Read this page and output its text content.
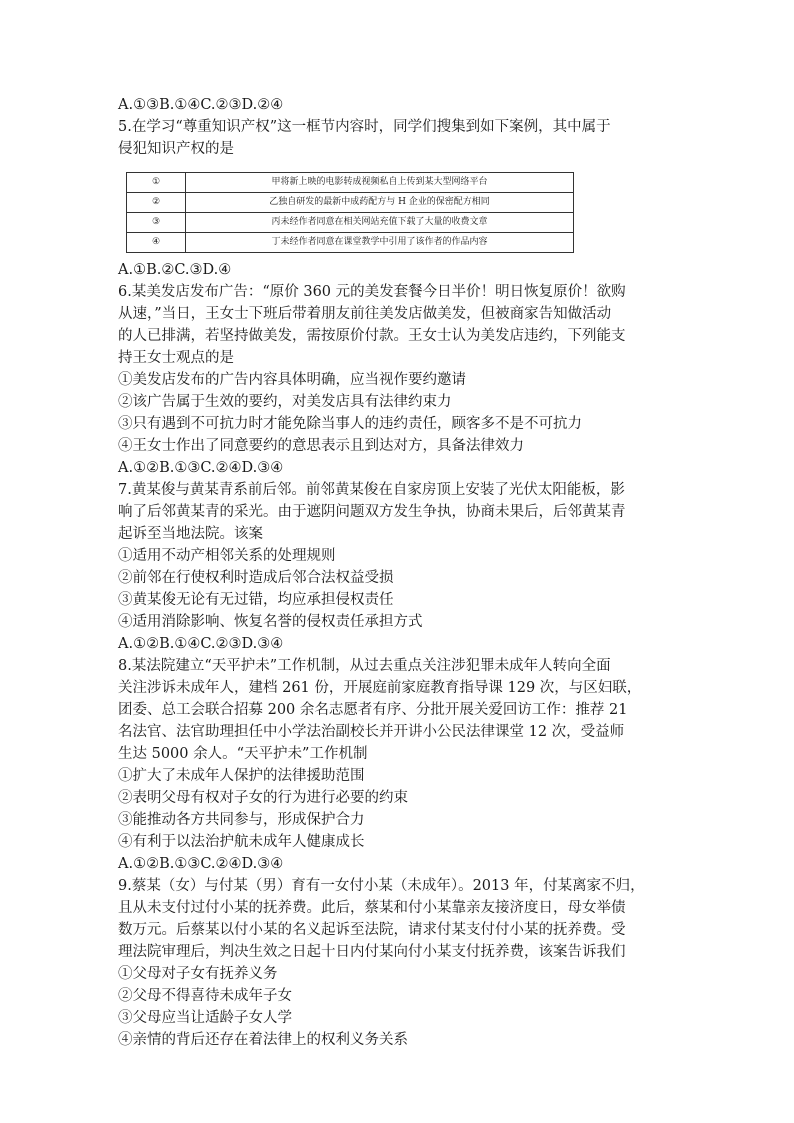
A.①③B.①④C.②③D.②④
5.在学习“尊重知识产权”这一框节内容时，同学们搜集到如下案例，其中属于
侵犯知识产权的是
①	甲将新上映的电影转成视频私自上传到某大型网络平台
②	乙独自研发的最新中成药配方与 H 企业的保密配方相同
③	丙未经作者同意在相关网站充值下载了大量的收费文章
④	丁未经作者同意在课堂教学中引用了该作者的作品内容
A.①B.②C.③D.④
6.某美发店发布广告：“原价 360 元的美发套餐今日半价！明日恢复原价！欲购
从速，”当日，王女士下班后带着朋友前往美发店做美发，但被商家告知做活动
的人已排满，若坚持做美发，需按原价付款。王女士认为美发店违约，下列能支
持王女士观点的是
①美发店发布的广告内容具体明确，应当视作要约邀请
②该广告属于生效的要约，对美发店具有法律约束力
③只有遇到不可抗力时才能免除当事人的违约责任，顾客多不是不可抗力
④王女士作出了同意要约的意思表示且到达对方，具备法律效力
A.①②B.①③C.②④D.③④
7.黄某俊与黄某青系前后邻。前邻黄某俊在自家房顶上安装了光伏太阳能板，影
响了后邻黄某青的采光。由于遮阴问题双方发生争执，协商未果后，后邻黄某青
起诉至当地法院。该案
①适用不动产相邻关系的处理规则
②前邻在行使权利时造成后邻合法权益受损
③黄某俊无论有无过错，均应承担侵权责任
④适用消除影响、恢复名誉的侵权责任承担方式
A.①②B.①④C.②③D.③④
8.某法院建立“天平护未”工作机制，从过去重点关注涉犯罪未成年人转向全面
关注涉诉未成年人，建档 261 份，开展庭前家庭教育指导课 129 次，与区妇联，
团委、总工会联合招募 200 余名志愿者有序、分批开展关爱回访工作：推荐 21
名法官、法官助理担任中小学法治副校长并开讲小公民法律课堂 12 次，受益师
生达 5000 余人。“天平护未”工作机制
①扩大了未成年人保护的法律援助范围
②表明父母有权对子女的行为进行必要的约束
③能推动各方共同参与，形成保护合力
④有利于以法治护航未成年人健康成长
A.①②B.①③C.②④D.③④
9.蔡某（女）与付某（男）育有一女付小某（未成年）。2013 年，付某离家不归，
且从未支付过付小某的抚养费。此后，蔡某和付小某靠亲友接济度日，母女举债
数万元。后蔡某以付小某的名义起诉至法院，请求付某支付付小某的抚养费。受
理法院审理后，判决生效之日起十日内付某向付小某支付抚养费，该案告诉我们
①父母对子女有抚养义务
②父母不得喜待未成年子女
③父母应当让适龄子女人学
④亲情的背后还存在着法律上的权利义务关系
